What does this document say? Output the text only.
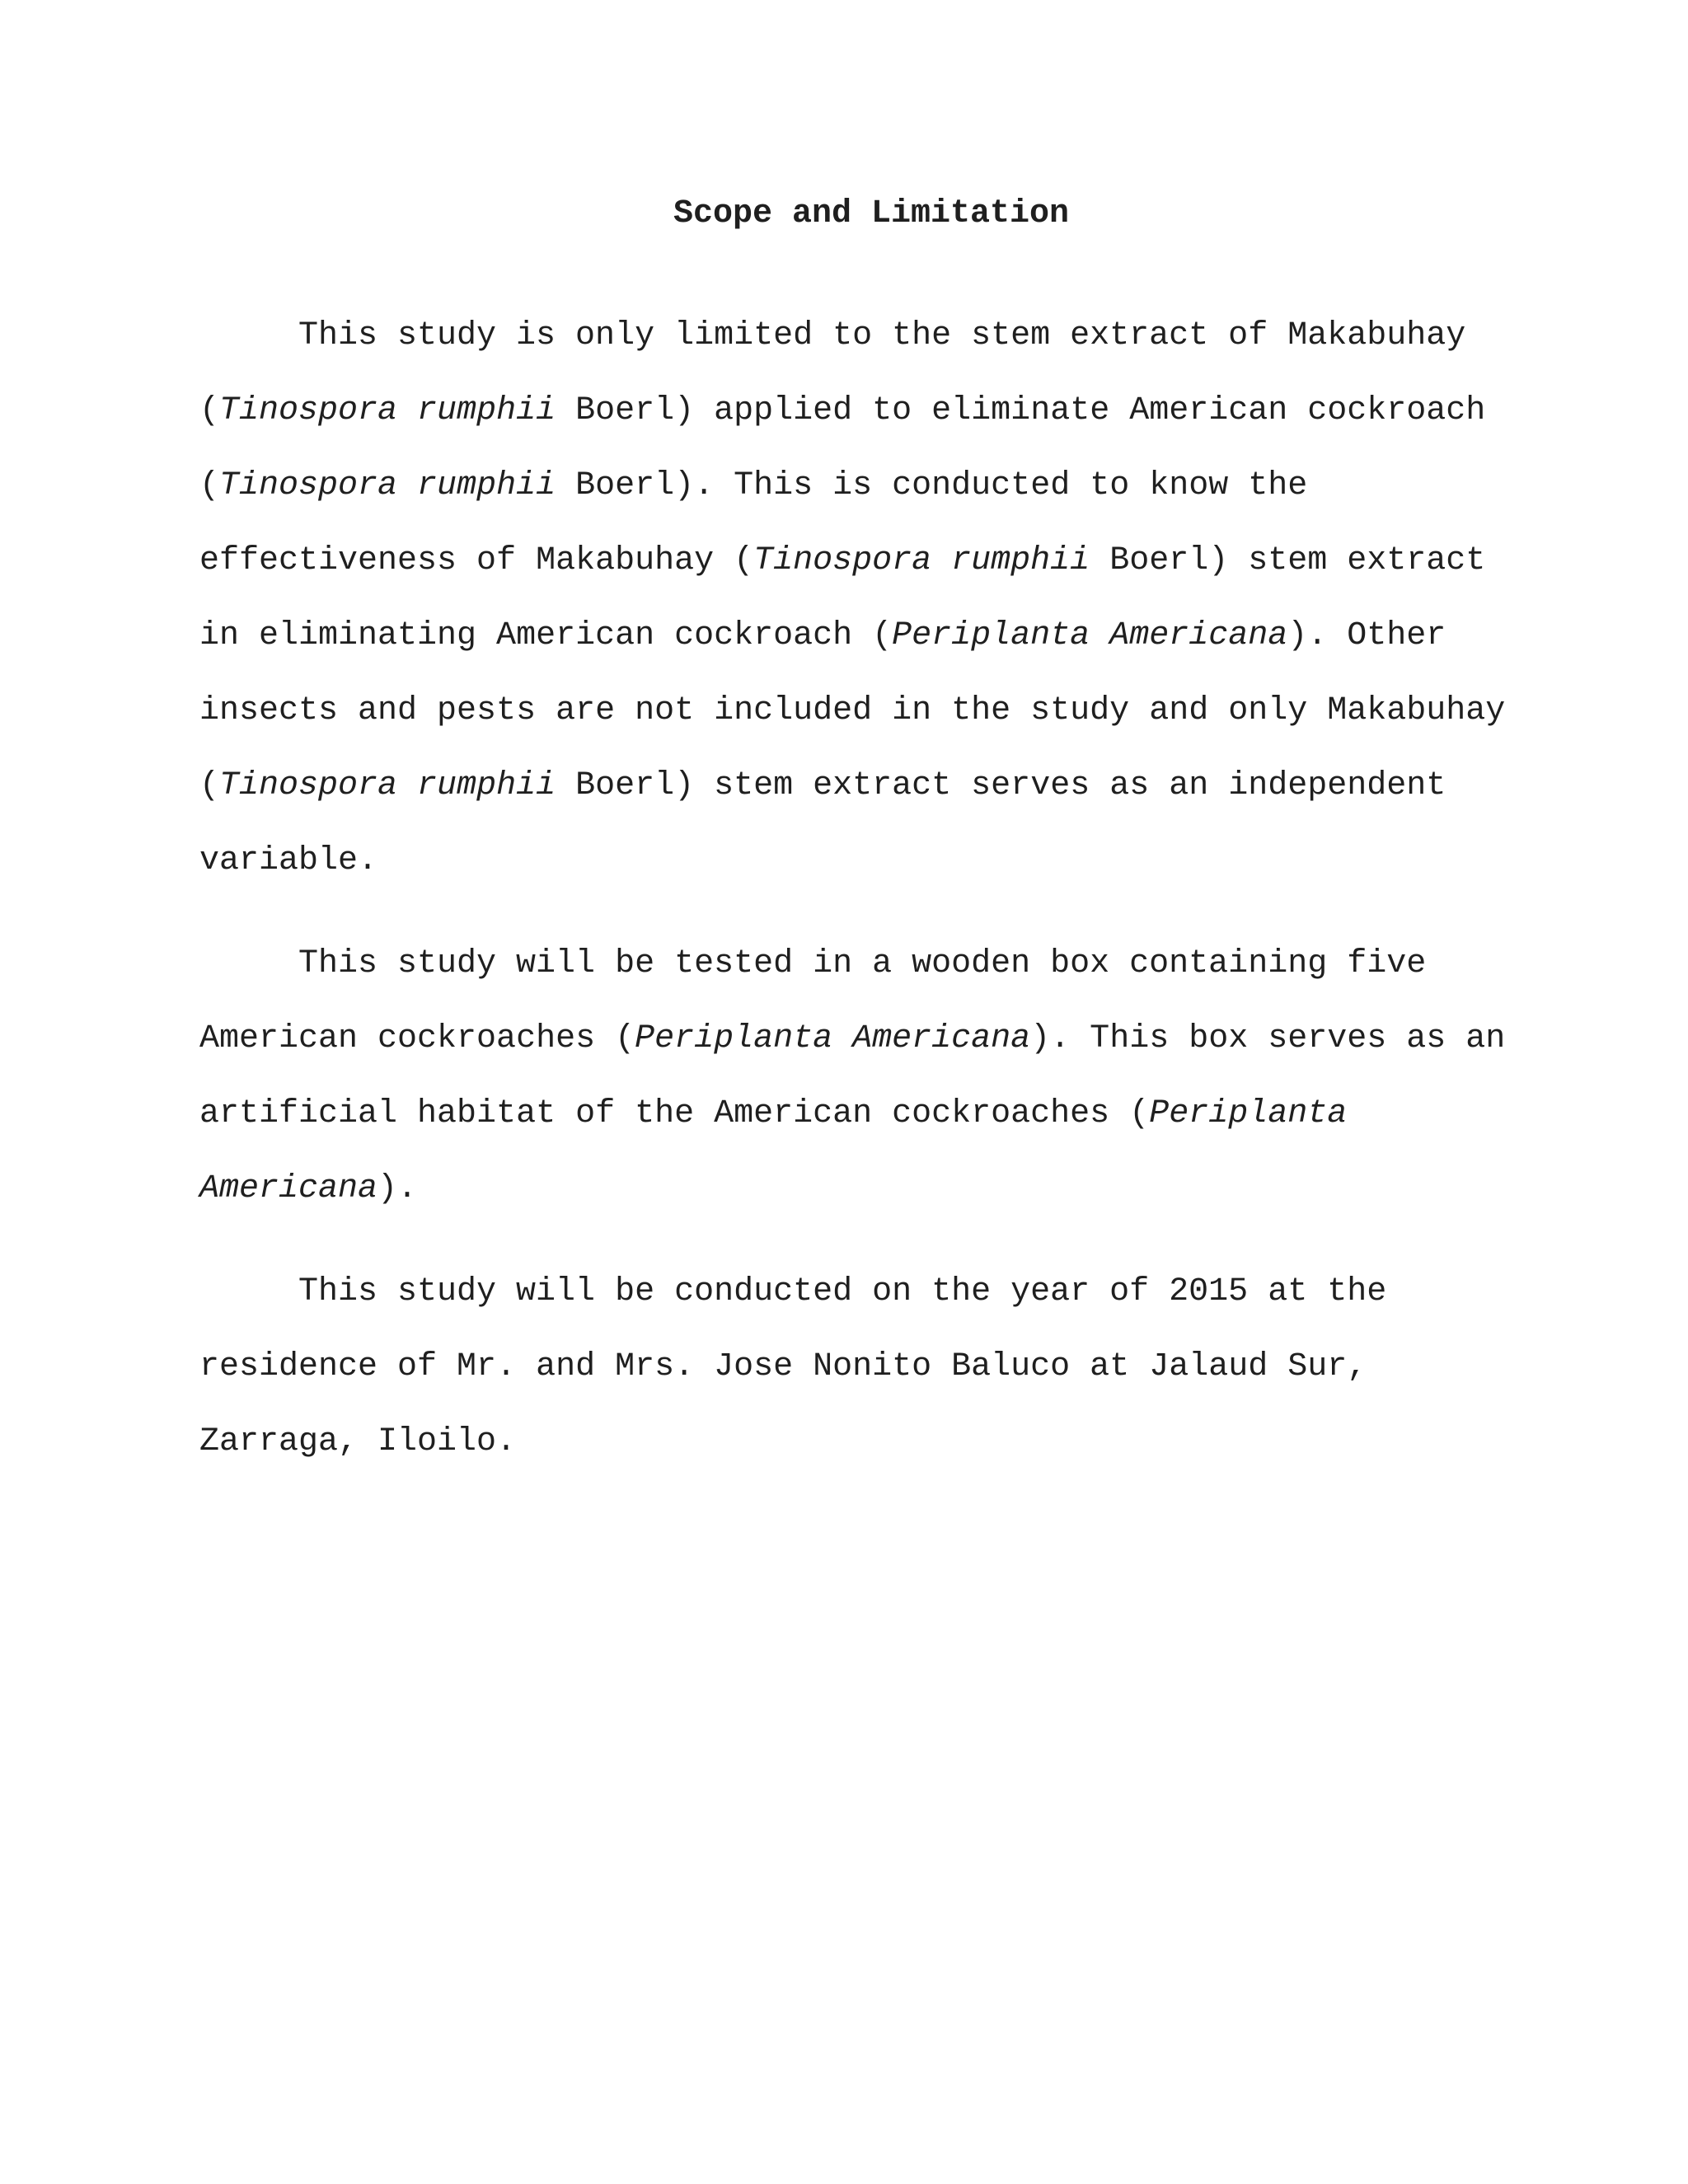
Scope and Limitation

This study is only limited to the stem extract of Makabuhay (Tinospora rumphii Boerl) applied to eliminate American cockroach (Tinospora rumphii Boerl). This is conducted to know the effectiveness of Makabuhay (Tinospora rumphii Boerl) stem extract in eliminating American cockroach (Periplanta Americana). Other insects and pests are not included in the study and only Makabuhay (Tinospora rumphii Boerl) stem extract serves as an independent variable.

This study will be tested in a wooden box containing five American cockroaches (Periplanta Americana). This box serves as an artificial habitat of the American cockroaches (Periplanta Americana).

This study will be conducted on the year of 2015 at the residence of Mr. and Mrs. Jose Nonito Baluco at Jalaud Sur, Zarraga, Iloilo.
